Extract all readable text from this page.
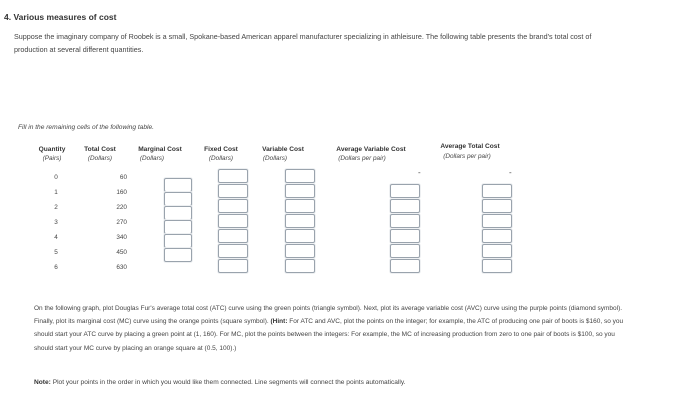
4. Various measures of cost
Suppose the imaginary company of Roobek is a small, Spokane-based American apparel manufacturer specializing in athleisure. The following table presents the brand's total cost of production at several different quantities.
Fill in the remaining cells of the following table.
Quantity
(Pairs)
Total Cost
(Dollars)
Marginal Cost
(Dollars)
Fixed Cost
(Dollars)
Variable Cost
(Dollars)
Average Variable Cost
(Dollars per pair)
Average Total Cost
(Dollars per pair)
0
1
2
3
4
5
6
60
160
220
270
340
450
630
-	-
On the following graph, plot Douglas Fur's average total cost (ATC) curve using the green points (triangle symbol). Next, plot its average variable cost (AVC) curve using the purple points (diamond symbol). Finally, plot its marginal cost (MC) curve using the orange points (square symbol). (Hint: For ATC and AVC, plot the points on the integer; for example, the ATC of producing one pair of boots is $160, so you should start your ATC curve by placing a green point at (1, 160). For MC, plot the points between the integers: For example, the MC of increasing production from zero to one pair of boots is $100, so you should start your MC curve by placing an orange square at (0.5, 100).)
Note: Plot your points in the order in which you would like them connected. Line segments will connect the points automatically.
